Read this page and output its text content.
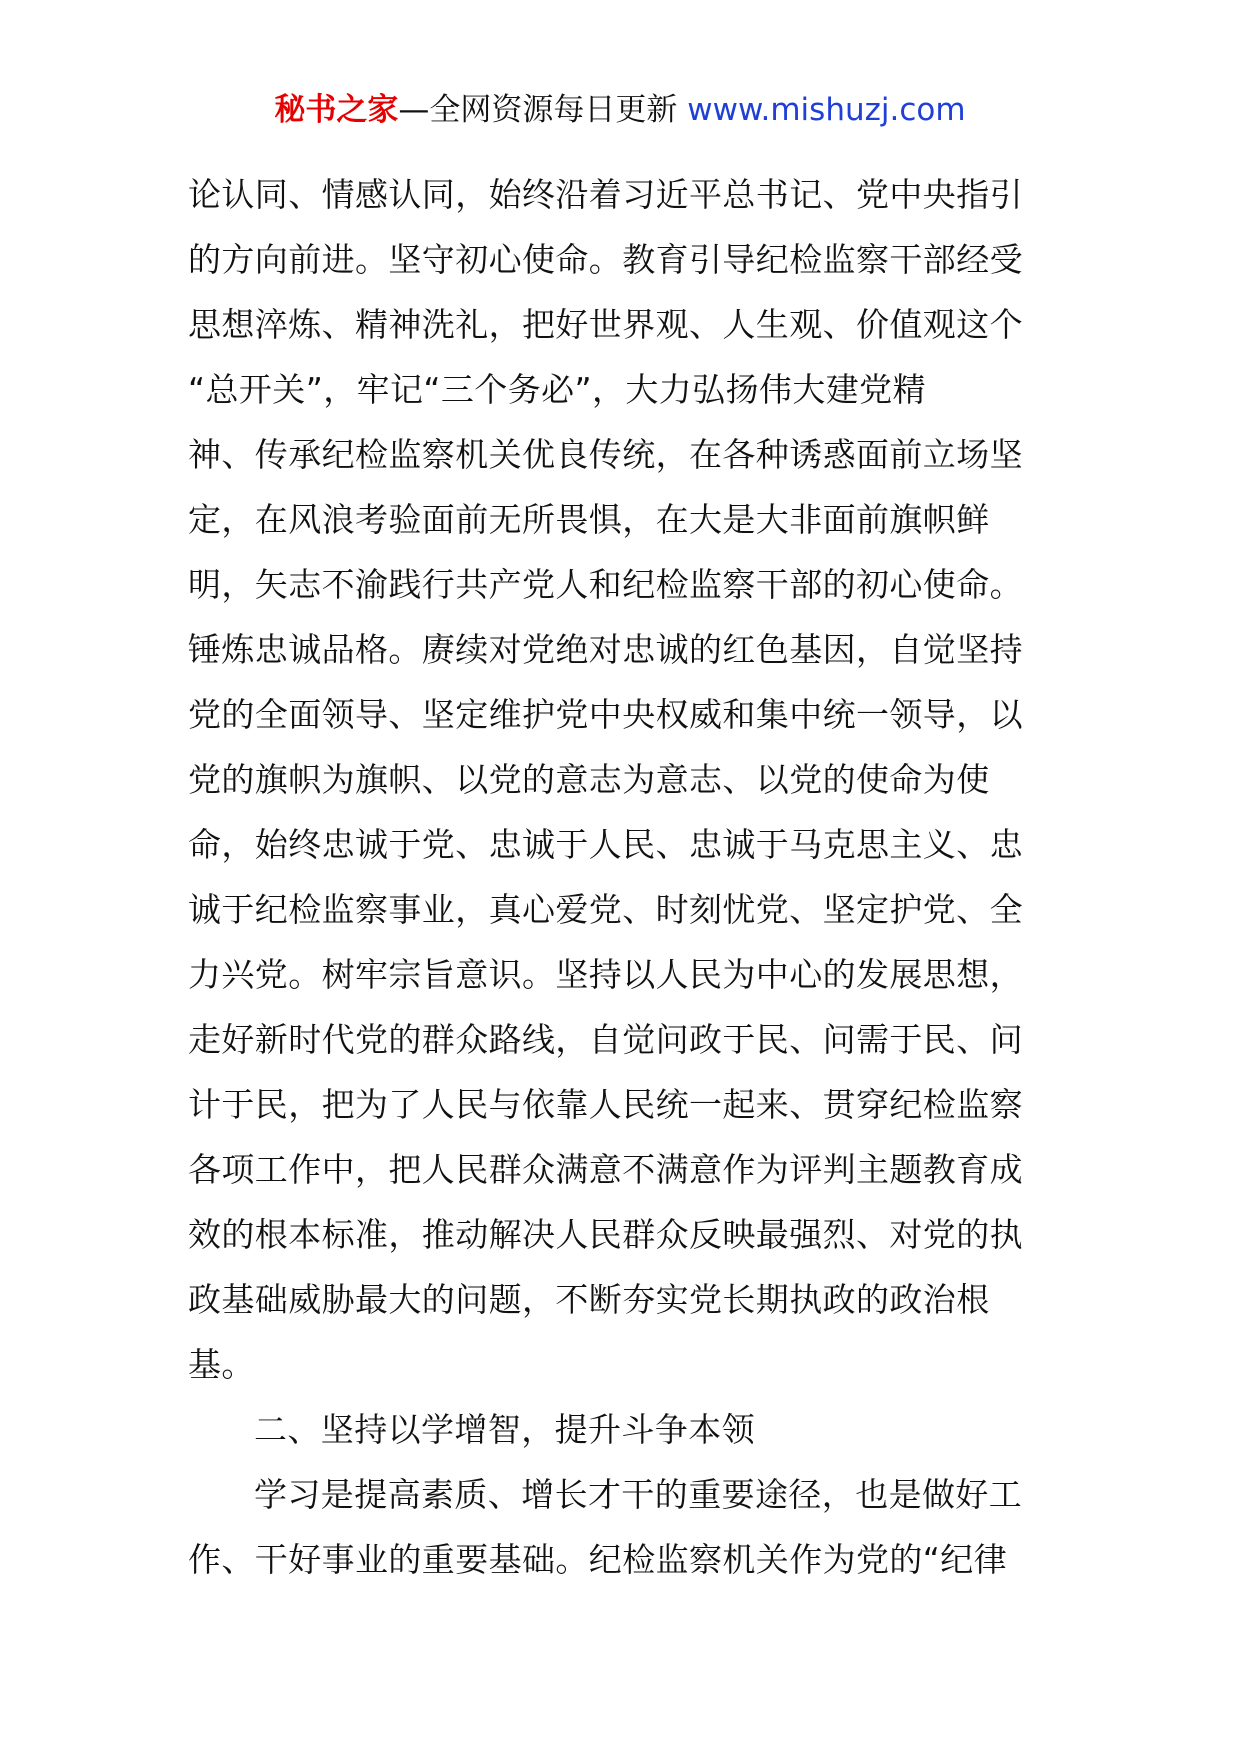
秘书之家—全网资源每日更新 www.mishuzj.com
论认同、情感认同，始终沿着习近平总书记、党中央指引
的方向前进。坚守初心使命。教育引导纪检监察干部经受
思想淬炼、精神洗礼，把好世界观、人生观、价值观这个
“总开关”，牢记“三个务必”，大力弘扬伟大建党精
神、传承纪检监察机关优良传统，在各种诱惑面前立场坚
定，在风浪考验面前无所畏惧，在大是大非面前旗帜鲜
明，矢志不渝践行共产党人和纪检监察干部的初心使命。
锤炼忠诚品格。赓续对党绝对忠诚的红色基因，自觉坚持
党的全面领导、坚定维护党中央权威和集中统一领导，以
党的旗帜为旗帜、以党的意志为意志、以党的使命为使
命，始终忠诚于党、忠诚于人民、忠诚于马克思主义、忠
诚于纪检监察事业，真心爱党、时刻忧党、坚定护党、全
力兴党。树牢宗旨意识。坚持以人民为中心的发展思想，
走好新时代党的群众路线，自觉问政于民、问需于民、问
计于民，把为了人民与依靠人民统一起来、贯穿纪检监察
各项工作中，把人民群众满意不满意作为评判主题教育成
效的根本标准，推动解决人民群众反映最强烈、对党的执
政基础威胁最大的问题，不断夯实党长期执政的政治根
基。
二、坚持以学增智，提升斗争本领
学习是提高素质、增长才干的重要途径，也是做好工
作、干好事业的重要基础。纪检监察机关作为党的“纪律
